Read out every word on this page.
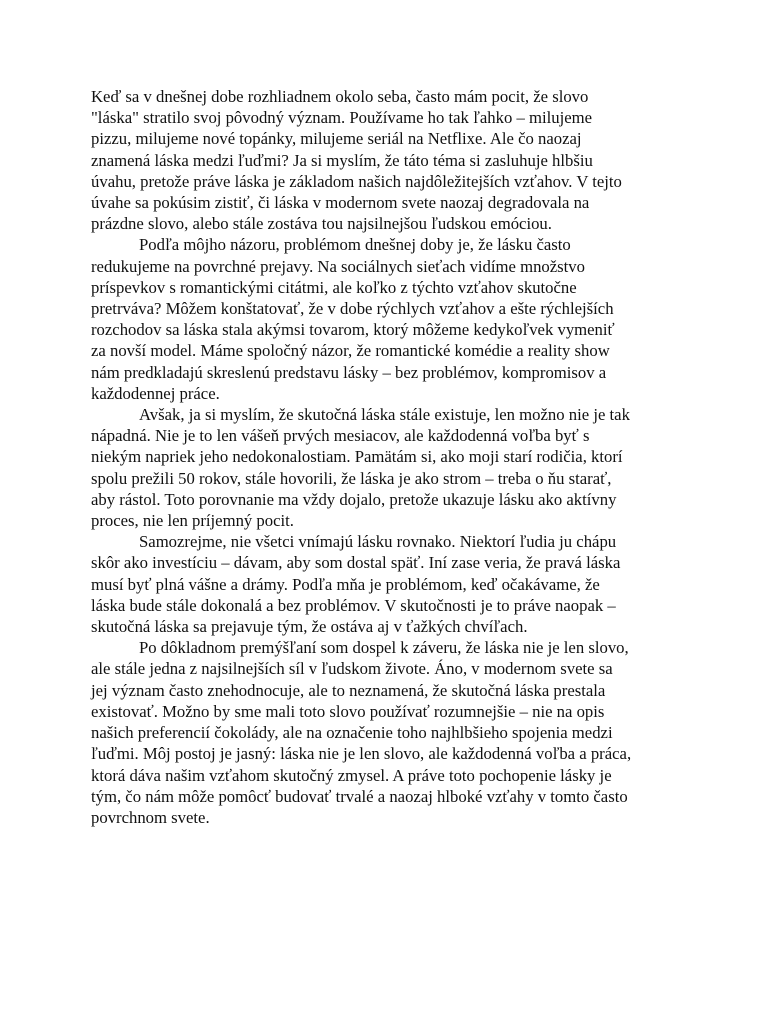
Keď sa v dnešnej dobe rozhliadnem okolo seba, často mám pocit, že slovo
"láska" stratilo svoj pôvodný význam. Používame ho tak ľahko – milujeme
pizzu, milujeme nové topánky, milujeme seriál na Netflixe. Ale čo naozaj
znamená láska medzi ľuďmi? Ja si myslím, že táto téma si zasluhuje hlbšiu
úvahu, pretože práve láska je základom našich najdôležitejších vzťahov. V tejto
úvahe sa pokúsim zistiť, či láska v modernom svete naozaj degradovala na
prázdne slovo, alebo stále zostáva tou najsilnejšou ľudskou emóciou.
Podľa môjho názoru, problémom dnešnej doby je, že lásku často
redukujeme na povrchné prejavy. Na sociálnych sieťach vidíme množstvo
príspevkov s romantickými citátmi, ale koľko z týchto vzťahov skutočne
pretrváva? Môžem konštatovať, že v dobe rýchlych vzťahov a ešte rýchlejších
rozchodov sa láska stala akýmsi tovarom, ktorý môžeme kedykoľvek vymeniť
za novší model. Máme spoločný názor, že romantické komédie a reality show
nám predkladajú skreslenú predstavu lásky – bez problémov, kompromisov a
každodennej práce.
Avšak, ja si myslím, že skutočná láska stále existuje, len možno nie je tak
nápadná. Nie je to len vášeň prvých mesiacov, ale každodenná voľba byť s
niekým napriek jeho nedokonalostiam. Pamätám si, ako moji starí rodičia, ktorí
spolu prežili 50 rokov, stále hovorili, že láska je ako strom – treba o ňu starať,
aby rástol. Toto porovnanie ma vždy dojalo, pretože ukazuje lásku ako aktívny
proces, nie len príjemný pocit.
Samozrejme, nie všetci vnímajú lásku rovnako. Niektorí ľudia ju chápu
skôr ako investíciu – dávam, aby som dostal späť. Iní zase veria, že pravá láska
musí byť plná vášne a drámy. Podľa mňa je problémom, keď očakávame, že
láska bude stále dokonalá a bez problémov. V skutočnosti je to práve naopak –
skutočná láska sa prejavuje tým, že ostáva aj v ťažkých chvíľach.
Po dôkladnom premýšľaní som dospel k záveru, že láska nie je len slovo,
ale stále jedna z najsilnejších síl v ľudskom živote. Áno, v modernom svete sa
jej význam často znehodnocuje, ale to neznamená, že skutočná láska prestala
existovať. Možno by sme mali toto slovo používať rozumnejšie – nie na opis
našich preferencií čokolády, ale na označenie toho najhlbšieho spojenia medzi
ľuďmi. Môj postoj je jasný: láska nie je len slovo, ale každodenná voľba a práca,
ktorá dáva našim vzťahom skutočný zmysel. A práve toto pochopenie lásky je
tým, čo nám môže pomôcť budovať trvalé a naozaj hlboké vzťahy v tomto často
povrchnom svete.
